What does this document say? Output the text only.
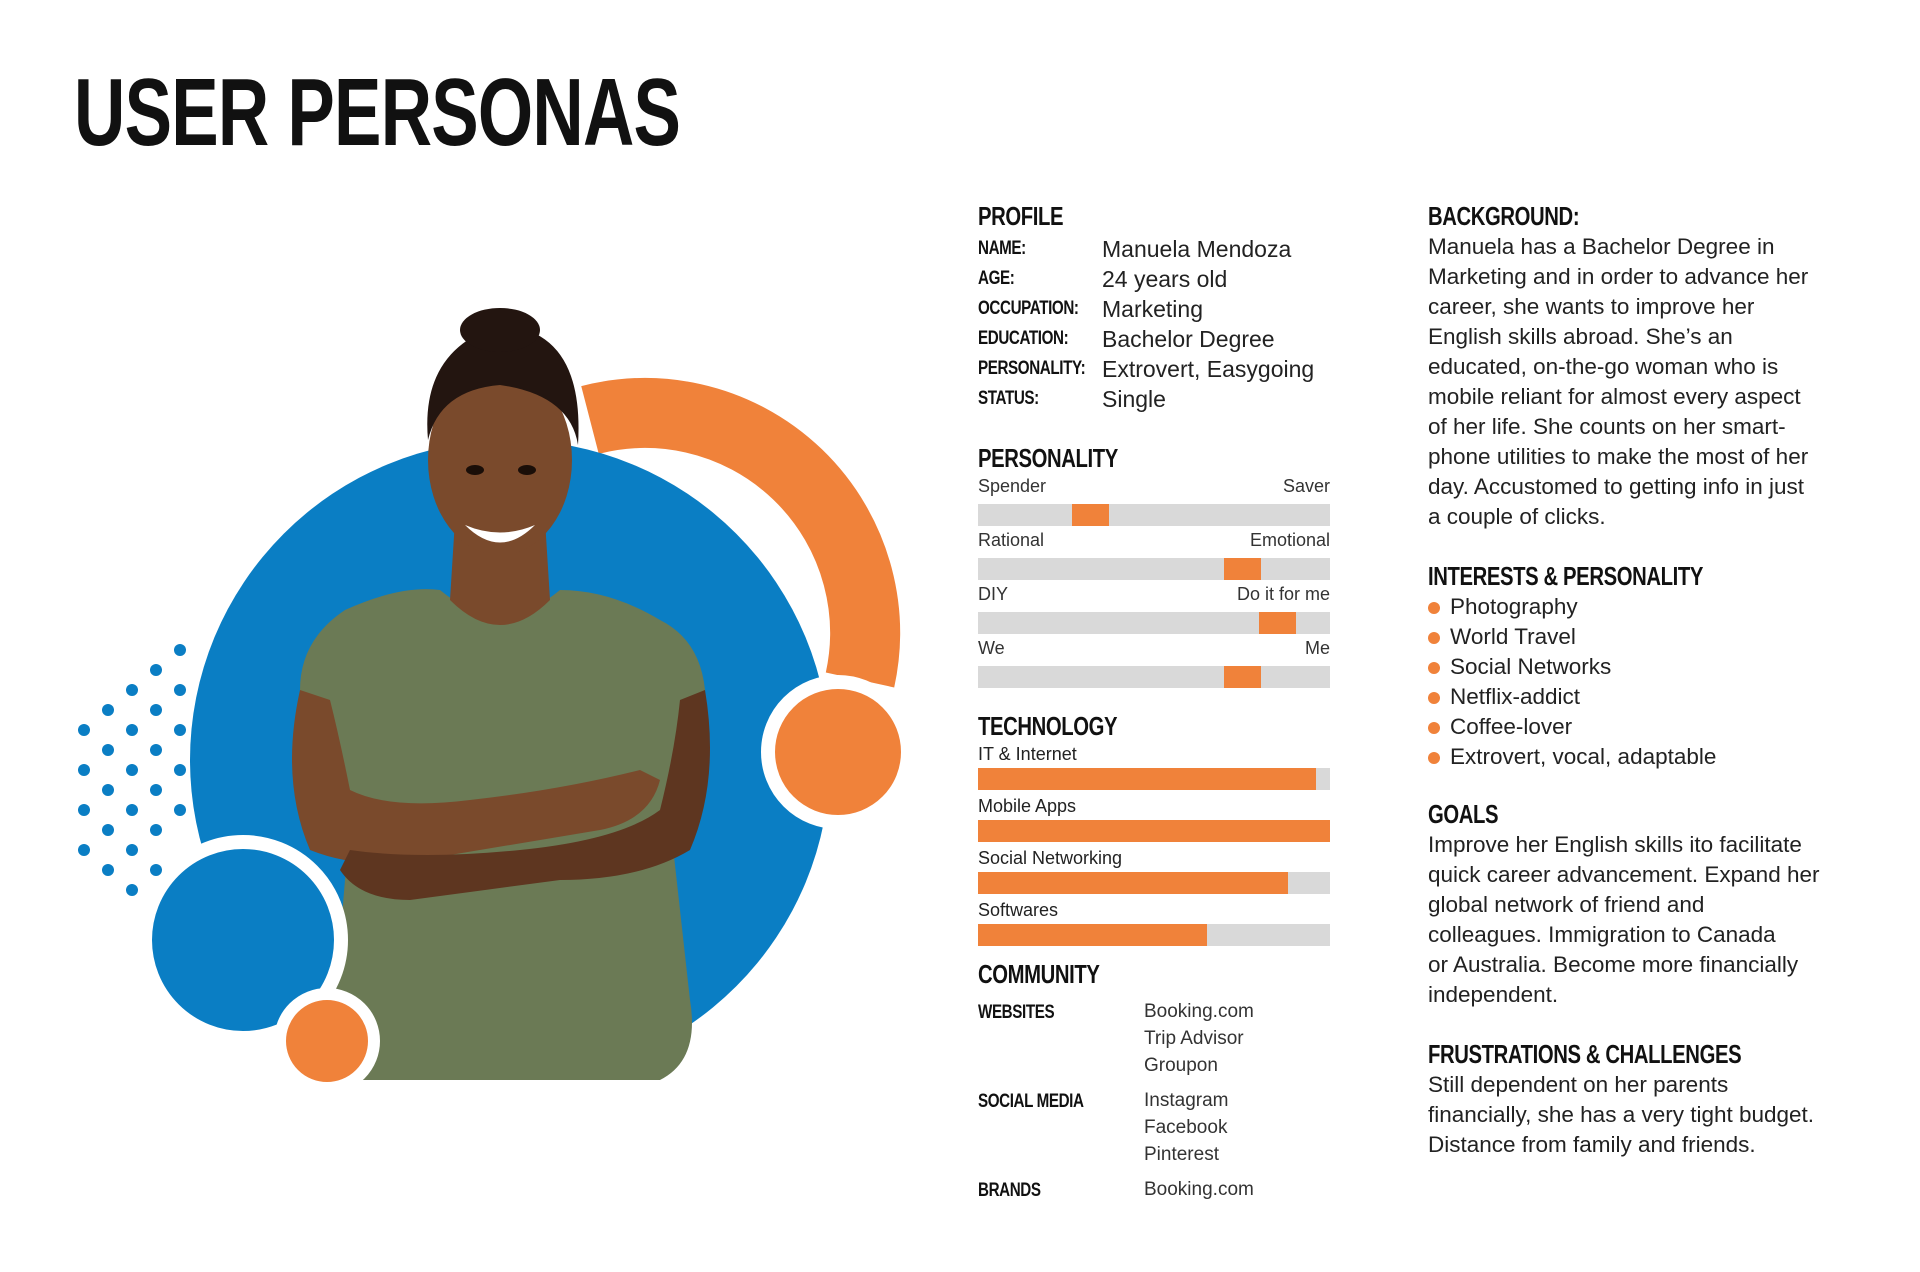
USER PERSONAS
PROFILE
NAME:	Manuela Mendoza
AGE:	24 years old
OCCUPATION:	Marketing
EDUCATION:	Bachelor Degree
PERSONALITY: Extrovert, Easygoing
STATUS:	Single
PERSONALITY
Spender	Saver
Rational	Emotional
DIY	Do it for me
We	Me
TECHNOLOGY
IT & Internet
Mobile Apps
Social Networking
Softwares
COMMUNITY
WEBSITES	Booking.com
Trip Advisor
Groupon
SOCIAL MEDIA	Instagram
Facebook
Pinterest
BRANDS	Booking.com
BACKGROUND:
Manuela has a Bachelor Degree in
Marketing and in order to advance her
career, she wants to improve her
English skills abroad. She’s an
educated, on-the-go woman who is
mobile reliant for almost every aspect
of her life. She counts on her smart-
phone utilities to make the most of her
day. Accustomed to getting info in just
a couple of clicks.
INTERESTS & PERSONALITY
Photography
World Travel
Social Networks
Netflix-addict
Coffee-lover
Extrovert, vocal, adaptable
GOALS
Improve her English skills ito facilitate
quick career advancement. Expand her
global network of friend and
colleagues. Immigration to Canada
or Australia. Become more financially
independent.
FRUSTRATIONS & CHALLENGES
Still dependent on her parents
financially, she has a very tight budget.
Distance from family and friends.
